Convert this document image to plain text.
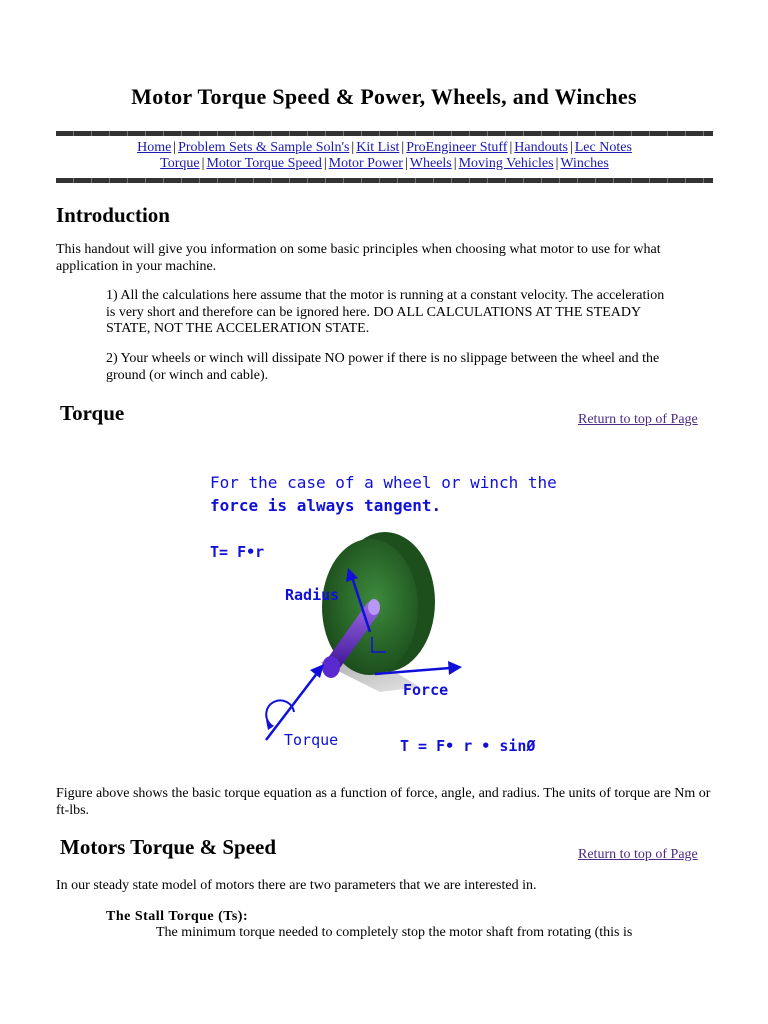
Motor Torque Speed & Power, Wheels, and Winches
Home | Problem Sets & Sample Soln's | Kit List | ProEngineer Stuff | Handouts | Lec Notes
Torque | Motor Torque Speed | Motor Power | Wheels | Moving Vehicles | Winches
Introduction

This handout will give you information on some basic principles when choosing what motor to use for what application in your machine.

1) All the calculations here assume that the motor is running at a constant velocity. The acceleration is very short and therefore can be ignored here. DO ALL CALCULATIONS AT THE STEADY STATE, NOT THE ACCELERATION STATE.

2) Your wheels or winch will dissipate NO power if there is no slippage between the wheel and the ground (or winch and cable).

Torque	Return to top of Page
For the case of a wheel or winch the
force is always tangent.
T= F•r
Radius
Force
Torque	T = F• r • sinØ

Figure above shows the basic torque equation as a function of force, angle, and radius. The units of torque are Nm or ft-lbs.

Motors Torque & Speed	Return to top of Page

In our steady state model of motors there are two parameters that we are interested in.

The Stall Torque (Ts):

The minimum torque needed to completely stop the motor shaft from rotating (this is
